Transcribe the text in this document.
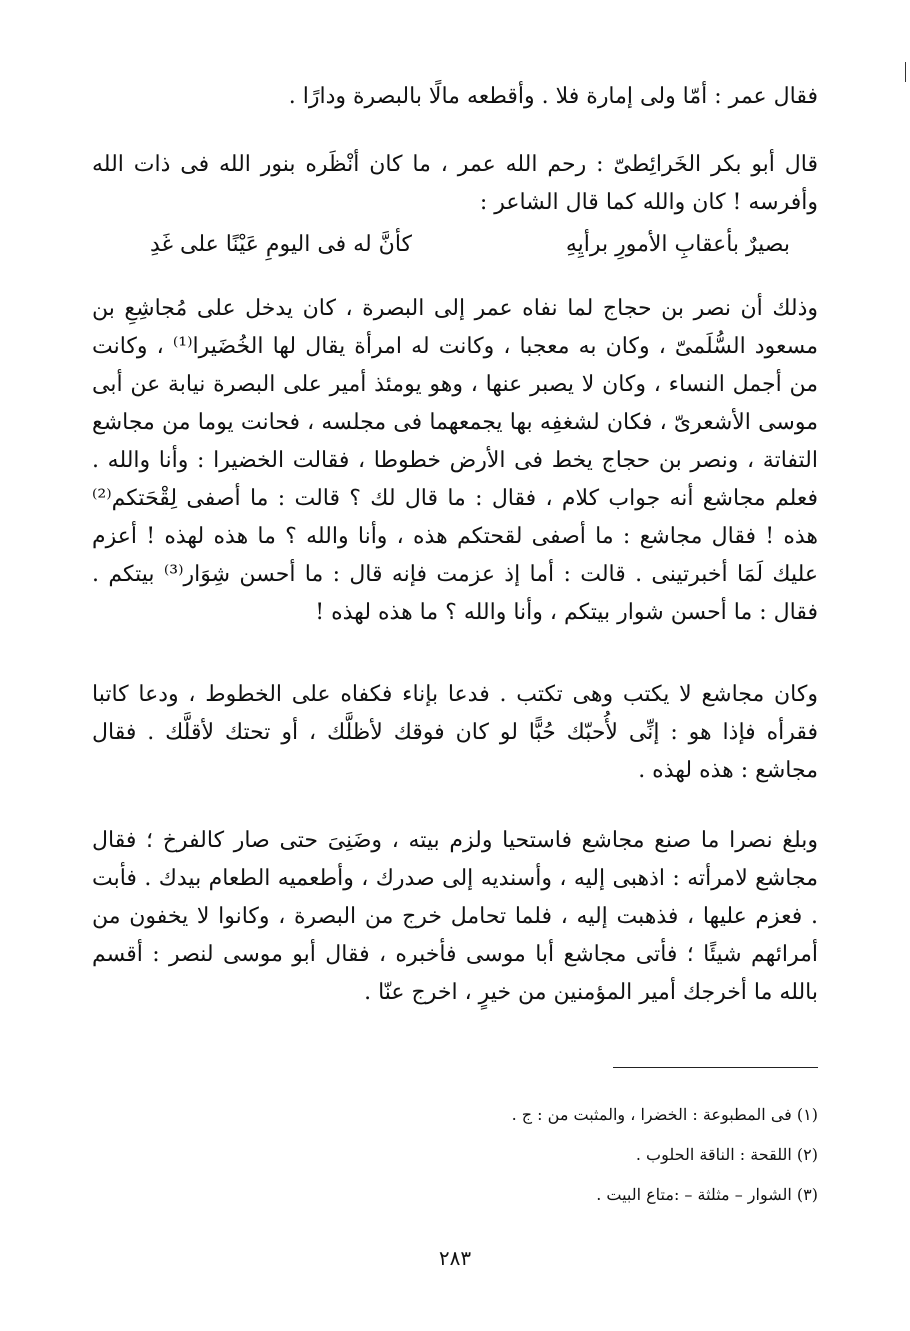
فقال عمر : أمّا ولى إمارة فلا . وأقطعه مالًا بالبصرة ودارًا .

قال أبو بكر الخَرائِطىّ : رحم الله عمر ، ما كان أنْظَره بنور الله فى ذات الله وأفرسه ! كان والله كما قال الشاعر :

بصيرٌ بأعقابِ الأمورِ برأيِهِ
كأنَّ له فى اليومِ عَيْنًا على غَدِ

وذلك أن نصر بن حجاج لما نفاه عمر إلى البصرة ، كان يدخل على مُجاشِعِ بن مسعود السُّلَمىّ ، وكان به معجبا ، وكانت له امرأة يقال لها الخُضَيرا⁽¹⁾ ، وكانت من أجمل النساء ، وكان لا يصبر عنها ، وهو يومئذ أمير على البصرة نيابة عن أبى موسى الأشعرىّ ، فكان لشغفِه بها يجمعهما فى مجلسه ، فحانت يوما من مجاشع التفاتة ، ونصر بن حجاج يخط فى الأرض خطوطا ، فقالت الخضيرا : وأنا والله . فعلم مجاشع أنه جواب كلام ، فقال : ما قال لك ؟ قالت : ما أصفى لِقْحَتكم⁽²⁾ هذه ! فقال مجاشع : ما أصفى لقحتكم هذه ، وأنا والله ؟ ما هذه لهذه ! أعزم عليك لَمَا أخبرتينى . قالت : أما إذ عزمت فإنه قال : ما أحسن شِوَار⁽³⁾ بيتكم . فقال : ما أحسن شوار بيتكم ، وأنا والله ؟ ما هذه لهذه !

وكان مجاشع لا يكتب وهى تكتب . فدعا بإناء فكفاه على الخطوط ، ودعا كاتبا فقرأه فإذا هو : إنِّى لأُحبّك حُبًّا لو كان فوقك لأظلَّك ، أو تحتك لأقلَّك . فقال مجاشع : هذه لهذه .

وبلغ نصرا ما صنع مجاشع فاستحيا ولزم بيته ، وضَنِىَ حتى صار كالفرخ ؛ فقال مجاشع لامرأته : اذهبى إليه ، وأسنديه إلى صدرك ، وأطعميه الطعام بيدك . فأبت . فعزم عليها ، فذهبت إليه ، فلما تحامل خرج من البصرة ، وكانوا لا يخفون من أمرائهم شيئًا ؛ فأتى مجاشع أبا موسى فأخبره ، فقال أبو موسى لنصر : أقسم بالله ما أخرجك أمير المؤمنين من خيرٍ ، اخرج عنّا .

(١) فى المطبوعة : الخضرا ، والمثبت من : ج .

(٢) اللقحة : الناقة الحلوب .

(٣) الشوار – مثلثة – :متاع البيت .

٢٨٣
